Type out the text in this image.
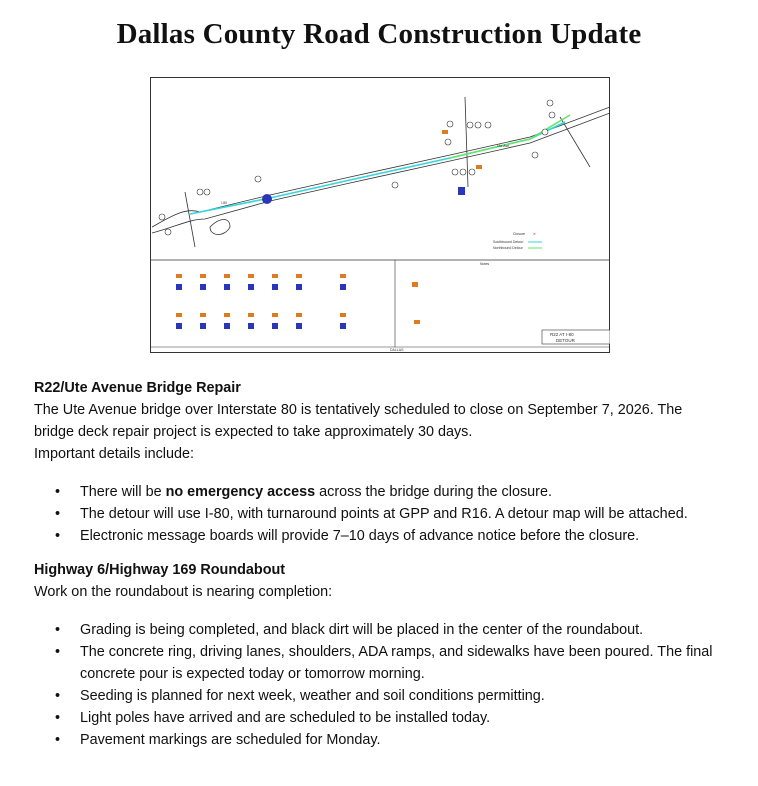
Dallas County Road Construction Update
I-80
Ute Ave
Closure ✕
Southbound Detour
Northbound Detour
Notes
R22 AT I-80
DETOUR
DALLAS

R22/Ute Avenue Bridge Repair

The Ute Avenue bridge over Interstate 80 is tentatively scheduled to close on September 7, 2026. The bridge deck repair project is expected to take approximately 30 days.

Important details include:

• There will be no emergency access across the bridge during the closure.
• The detour will use I-80, with turnaround points at GPP and R16. A detour map will be attached.
• Electronic message boards will provide 7–10 days of advance notice before the closure.

Highway 6/Highway 169 Roundabout

Work on the roundabout is nearing completion:

• Grading is being completed, and black dirt will be placed in the center of the roundabout.
• The concrete ring, driving lanes, shoulders, ADA ramps, and sidewalks have been poured. The final concrete pour is expected today or tomorrow morning.
• Seeding is planned for next week, weather and soil conditions permitting.
• Light poles have arrived and are scheduled to be installed today.
• Pavement markings are scheduled for Monday.
